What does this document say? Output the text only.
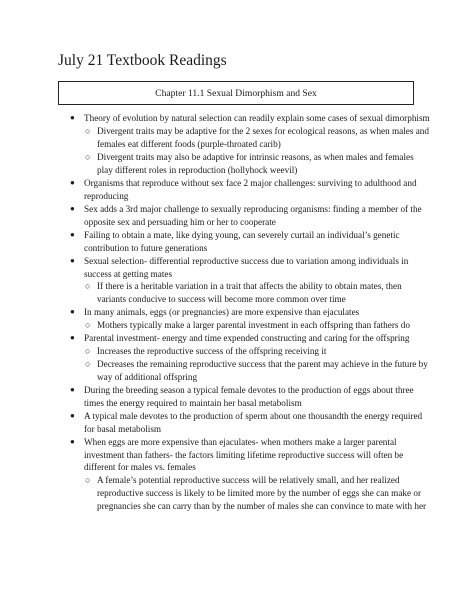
July 21 Textbook Readings
Chapter 11.1 Sexual Dimorphism and Sex
● Theory of evolution by natural selection can readily explain some cases of sexual dimorphism
○ Divergent traits may be adaptive for the 2 sexes for ecological reasons, as when males and females eat different foods (purple-throated carib)
○ Divergent traits may also be adaptive for intrinsic reasons, as when males and females play different roles in reproduction (hollyhock weevil)
● Organisms that reproduce without sex face 2 major challenges: surviving to adulthood and reproducing
● Sex adds a 3rd major challenge to sexually reproducing organisms: finding a member of the opposite sex and persuading him or her to cooperate
● Failing to obtain a mate, like dying young, can severely curtail an individual’s genetic contribution to future generations
● Sexual selection- differential reproductive success due to variation among individuals in success at getting mates
○ If there is a heritable variation in a trait that affects the ability to obtain mates, then variants conducive to success will become more common over time
● In many animals, eggs (or pregnancies) are more expensive than ejaculates
○ Mothers typically make a larger parental investment in each offspring than fathers do
● Parental investment- energy and time expended constructing and caring for the offspring
○ Increases the reproductive success of the offspring receiving it
○ Decreases the remaining reproductive success that the parent may achieve in the future by way of additional offspring
● During the breeding season a typical female devotes to the production of eggs about three times the energy required to maintain her basal metabolism
● A typical male devotes to the production of sperm about one thousandth the energy required for basal metabolism
● When eggs are more expensive than ejaculates- when mothers make a larger parental investment than fathers- the factors limiting lifetime reproductive success will often be different for males vs. females
○ A female’s potential reproductive success will be relatively small, and her realized reproductive success is likely to be limited more by the number of eggs she can make or pregnancies she can carry than by the number of males she can convince to mate with her
